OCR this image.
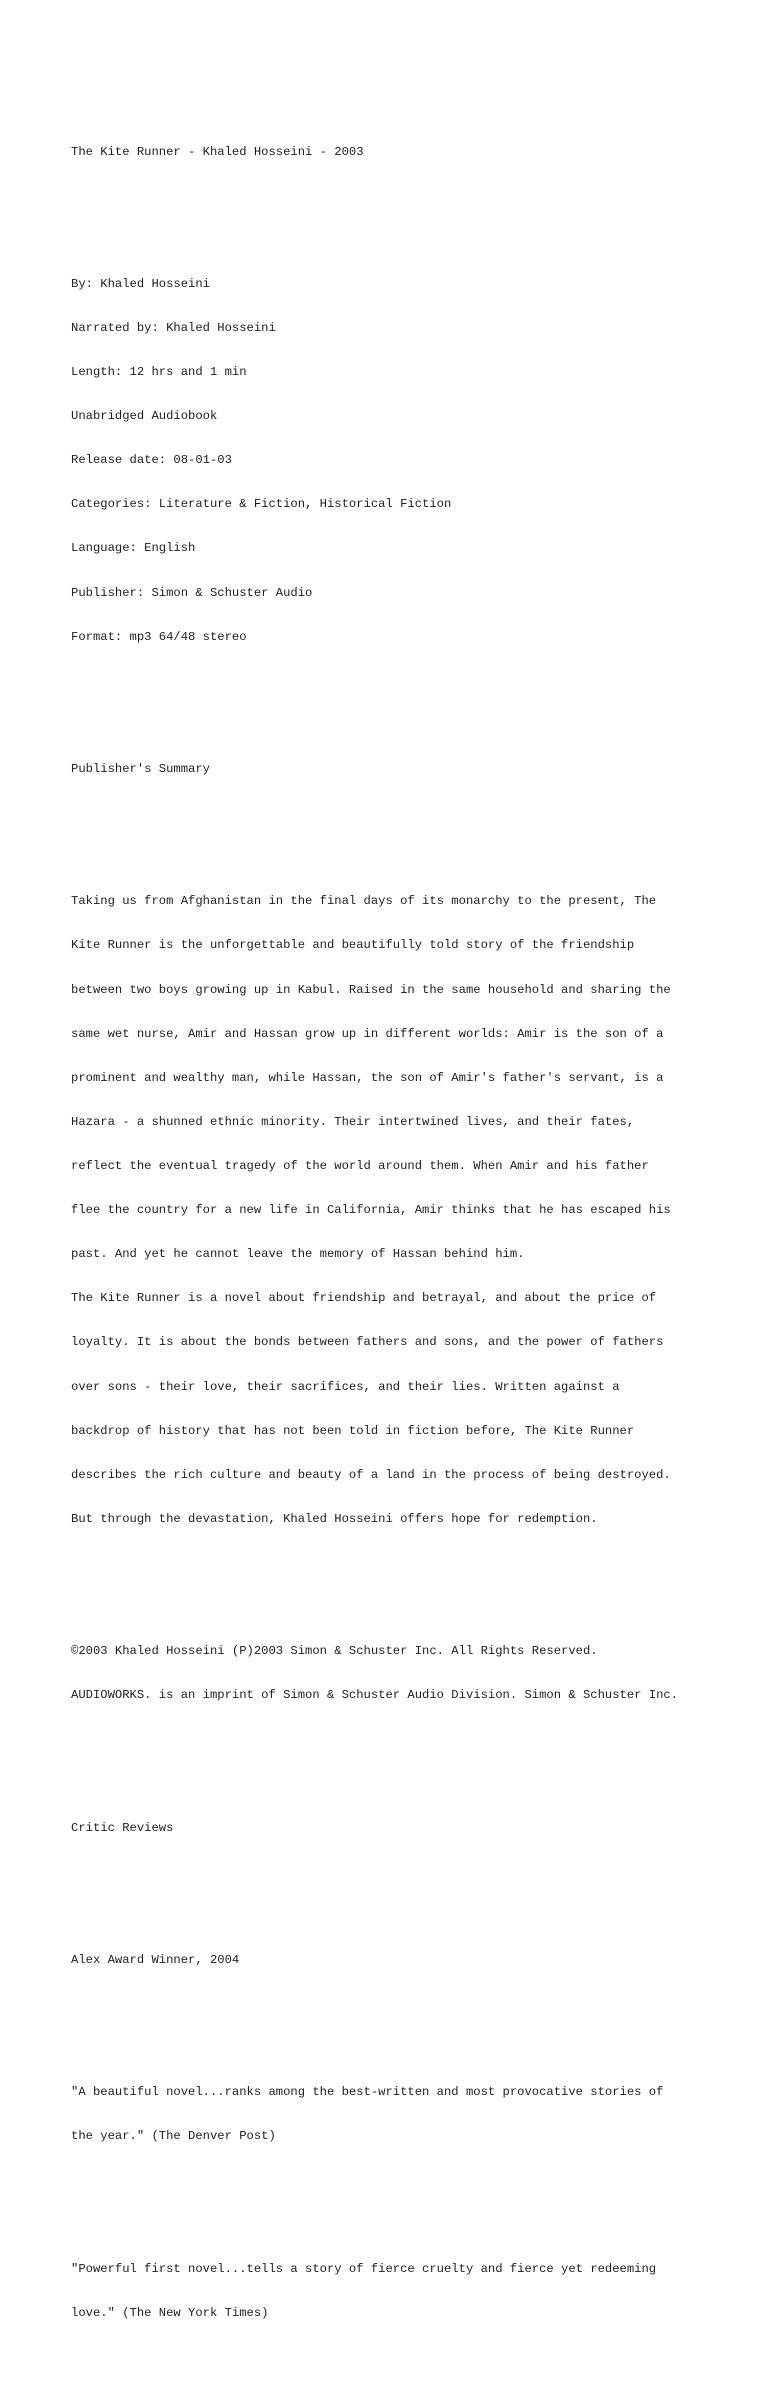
The Kite Runner - Khaled Hosseini - 2003

By: Khaled Hosseini

Narrated by: Khaled Hosseini

Length: 12 hrs and 1 min

Unabridged Audiobook

Release date: 08-01-03

Categories: Literature & Fiction, Historical Fiction

Language: English

Publisher: Simon & Schuster Audio

Format: mp3 64/48 stereo

Publisher's Summary

Taking us from Afghanistan in the final days of its monarchy to the present, The

Kite Runner is the unforgettable and beautifully told story of the friendship

between two boys growing up in Kabul. Raised in the same household and sharing the

same wet nurse, Amir and Hassan grow up in different worlds: Amir is the son of a

prominent and wealthy man, while Hassan, the son of Amir's father's servant, is a

Hazara - a shunned ethnic minority. Their intertwined lives, and their fates,

reflect the eventual tragedy of the world around them. When Amir and his father

flee the country for a new life in California, Amir thinks that he has escaped his

past. And yet he cannot leave the memory of Hassan behind him.

The Kite Runner is a novel about friendship and betrayal, and about the price of

loyalty. It is about the bonds between fathers and sons, and the power of fathers

over sons - their love, their sacrifices, and their lies. Written against a

backdrop of history that has not been told in fiction before, The Kite Runner

describes the rich culture and beauty of a land in the process of being destroyed.

But through the devastation, Khaled Hosseini offers hope for redemption.

©2003 Khaled Hosseini (P)2003 Simon & Schuster Inc. All Rights Reserved.

AUDIOWORKS. is an imprint of Simon & Schuster Audio Division. Simon & Schuster Inc.

Critic Reviews

Alex Award Winner, 2004

"A beautiful novel...ranks among the best-written and most provocative stories of

the year." (The Denver Post)

"Powerful first novel...tells a story of fierce cruelty and fierce yet redeeming

love." (The New York Times)
